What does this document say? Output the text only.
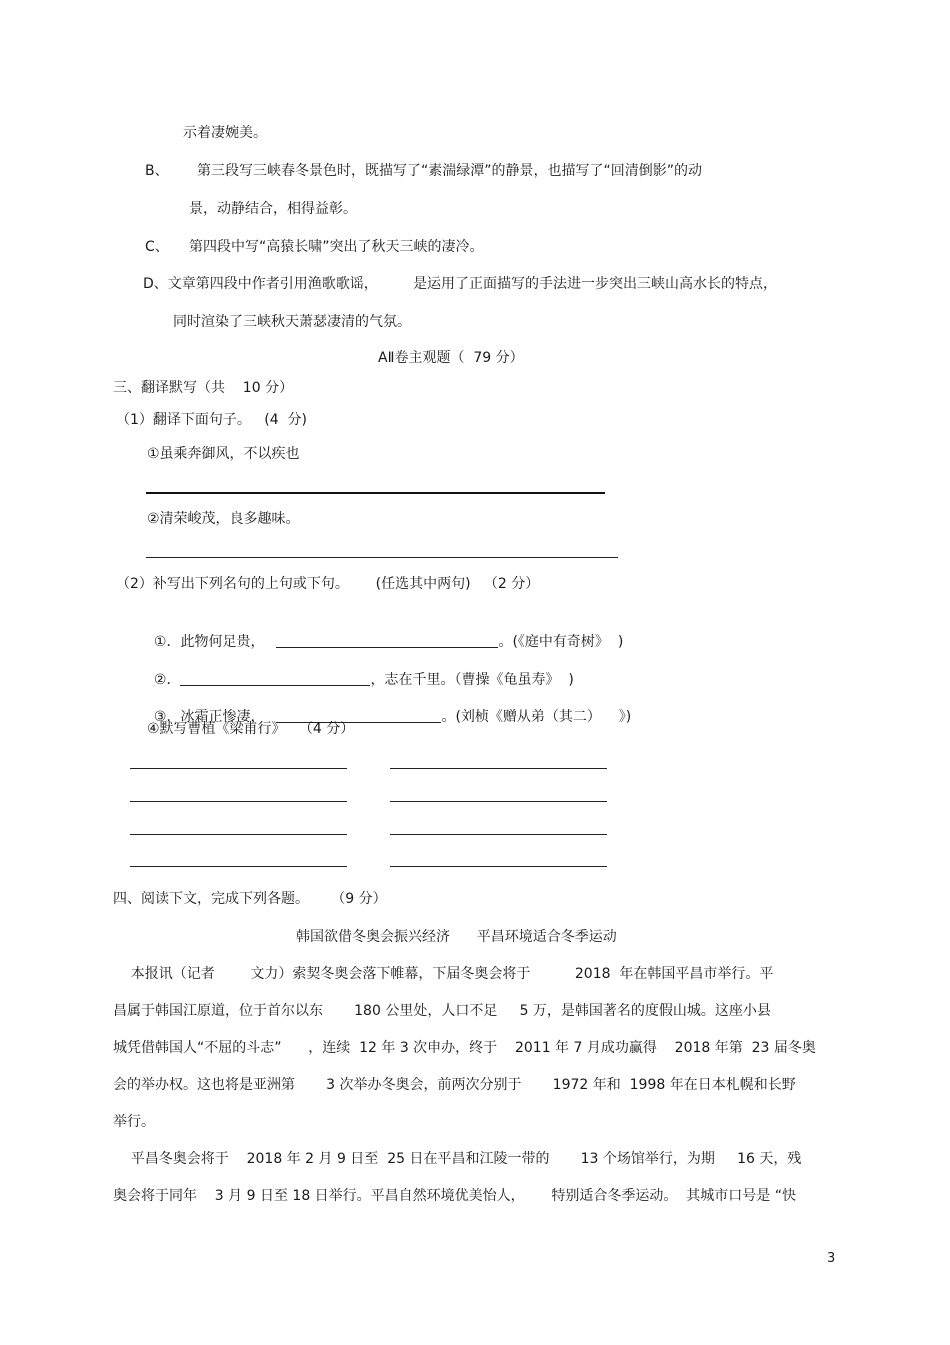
示着凄婉美。
B、 第三段写三峡春冬景色时，既描写了“素湍绿潭”的静景，也描写了“回清倒影”的动
景，动静结合，相得益彰。
C、 第四段中写“高猿长啸”突出了秋天三峡的凄冷。
D、文章第四段中作者引用渔歌歌谣，	是运用了正面描写的手法进一步突出三峡山高水长的特点，
同时渲染了三峡秋天萧瑟凄清的气氛。
AⅡ卷主观题（  79 分）
三、翻译默写（共    10 分）
（1）翻译下面句子。   (4  分)
①虽乘奔御风，不以疾也
②清荣峻茂，良多趣味。
（2）补写出下列名句的上句或下句。      (任选其中两句)   （2 分）

①．此物何足贵，	。(《庭中有奇树》  )

②．	，志在千里。（曹操《龟虽寿》  )

③．冰霜正惨凄，	。(刘桢《赠从弟（其二）    》)

④默写曹植《梁甫行》   （4 分）
四、阅读下文，完成下列各题。     （9 分）
韩国欲借冬奥会振兴经济      平昌环境适合冬季运动
本报讯（记者        文力）索契冬奥会落下帷幕，下届冬奥会将于          2018  年在韩国平昌市举行。平
昌属于韩国江原道，位于首尔以东       180 公里处，人口不足     5 万，是韩国著名的度假山城。这座小县
城凭借韩国人“不屈的斗志”      ，连续  12 年 3 次申办，终于    2011 年 7 月成功赢得    2018 年第  23 届冬奥
会的举办权。这也将是亚洲第       3 次举办冬奥会，前两次分别于       1972 年和  1998 年在日本札幌和长野
举行。
平昌冬奥会将于    2018 年 2 月 9 日至  25 日在平昌和江陵一带的       13 个场馆举行，为期     16 天，残
奥会将于同年    3 月 9 日至 18 日举行。平昌自然环境优美怡人，      特别适合冬季运动。  其城市口号是 “快
3
